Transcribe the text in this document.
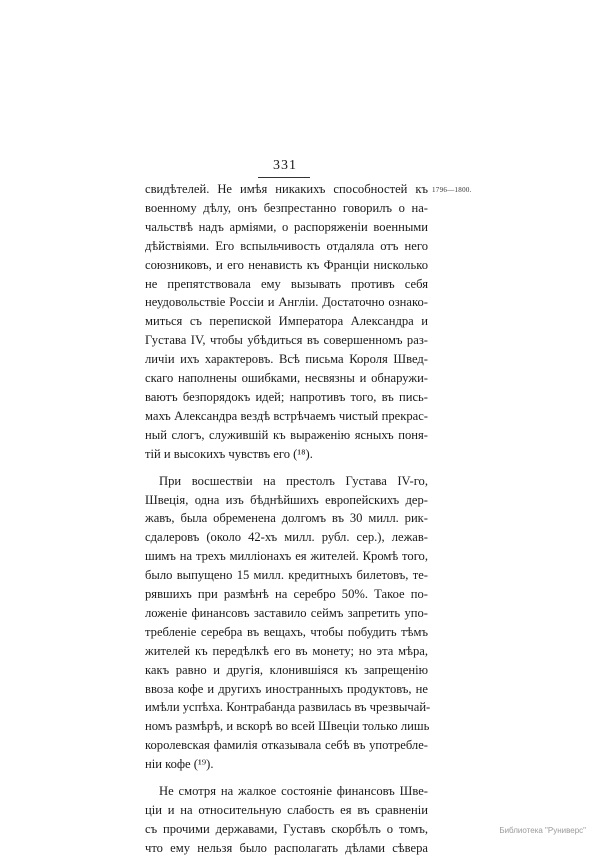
331
1796—1800.
свидѣтелей. Не имѣя никакихъ способностей къ
военному дѣлу, онъ безпрестанно говорилъ о на-
чальствѣ надъ арміями, о распоряженіи военными
дѣйствіями. Его вспыльчивость отдаляла отъ него
союзниковъ, и его ненависть къ Франціи нисколько
не препятствовала ему вызывать противъ себя
неудовольствіе Россіи и Англіи. Достаточно ознако-
миться съ перепиской Императора Александра и
Густава IV, чтобы убѣдиться въ совершенномъ раз-
личіи ихъ характеровъ. Всѣ письма Короля Швед-
скаго наполнены ошибками, несвязны и обнаружи-
ваютъ безпорядокъ идей; напротивъ того, въ пись-
махъ Александра вездѣ встрѣчаемъ чистый прекрас-
ный слогъ, служившій къ выраженію ясныхъ поня-
тій и высокихъ чувствъ его (¹⁸).
При восшествіи на престолъ Густава IV-го,
Швеція, одна изъ бѣднѣйшихъ европейскихъ дер-
жавъ, была обременена долгомъ въ 30 милл. рик-
сдалеровъ (около 42-хъ милл. рубл. сер.), лежав-
шимъ на трехъ милліонахъ ея жителей. Кромѣ того,
было выпущено 15 милл. кредитныхъ билетовъ, те-
рявшихъ при размѣнѣ на серебро 50%. Такое по-
ложеніе финансовъ заставило сеймъ запретить упо-
требленіе серебра въ вещахъ, чтобы побудить тѣмъ
жителей къ передѣлкѣ его въ монету; но эта мѣра,
какъ равно и другія, клонившіяся къ запрещенію
ввоза кофе и другихъ иностранныхъ продуктовъ, не
имѣли успѣха. Контрабанда развилась въ чрезвычай-
номъ размѣрѣ, и вскорѣ во всей Швеціи только лишь
королевская фамилія отказывала себѣ въ употребле-
ніи кофе (¹⁹).
Не смотря на жалкое состояніе финансовъ Шве-
ціи и на относительную слабость ея въ сравненіи
съ прочими державами, Густавъ скорбѣлъ о томъ,
что ему нельзя было располагать дѣлами сѣвера
Библиотека "Руниверс"
